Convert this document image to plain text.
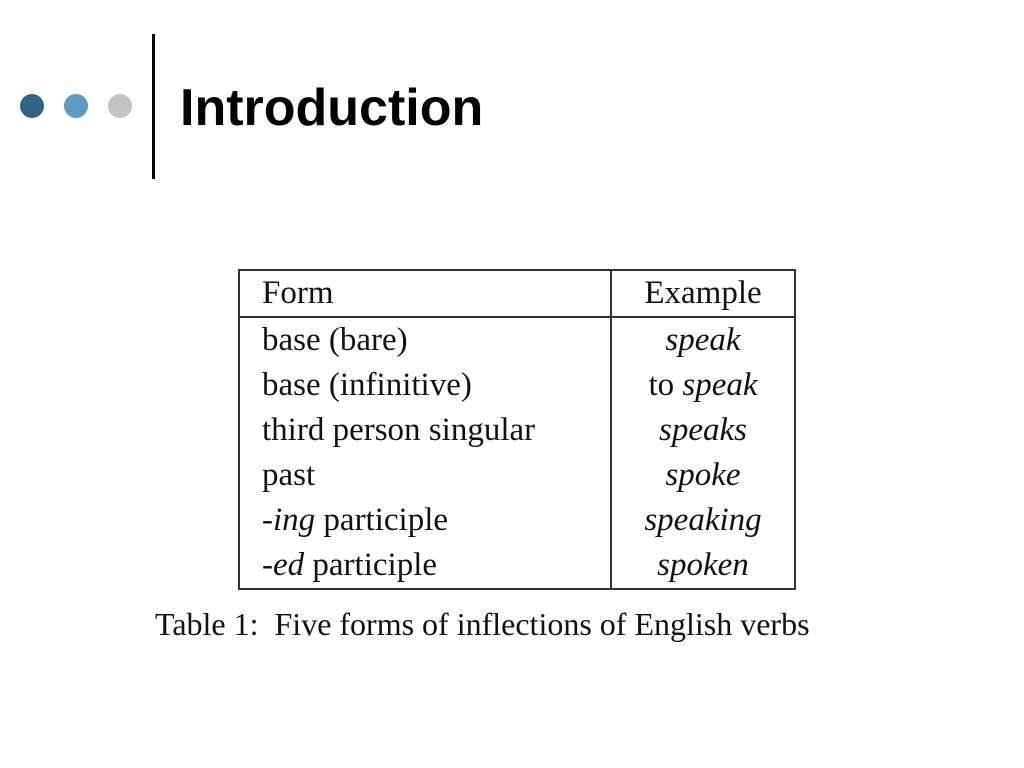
Introduction
Form	Example
base (bare)	speak
base (infinitive)	to speak
third person singular	speaks
past	spoke
-ing participle	speaking
-ed participle	spoken
Table 1:  Five forms of inflections of English verbs
